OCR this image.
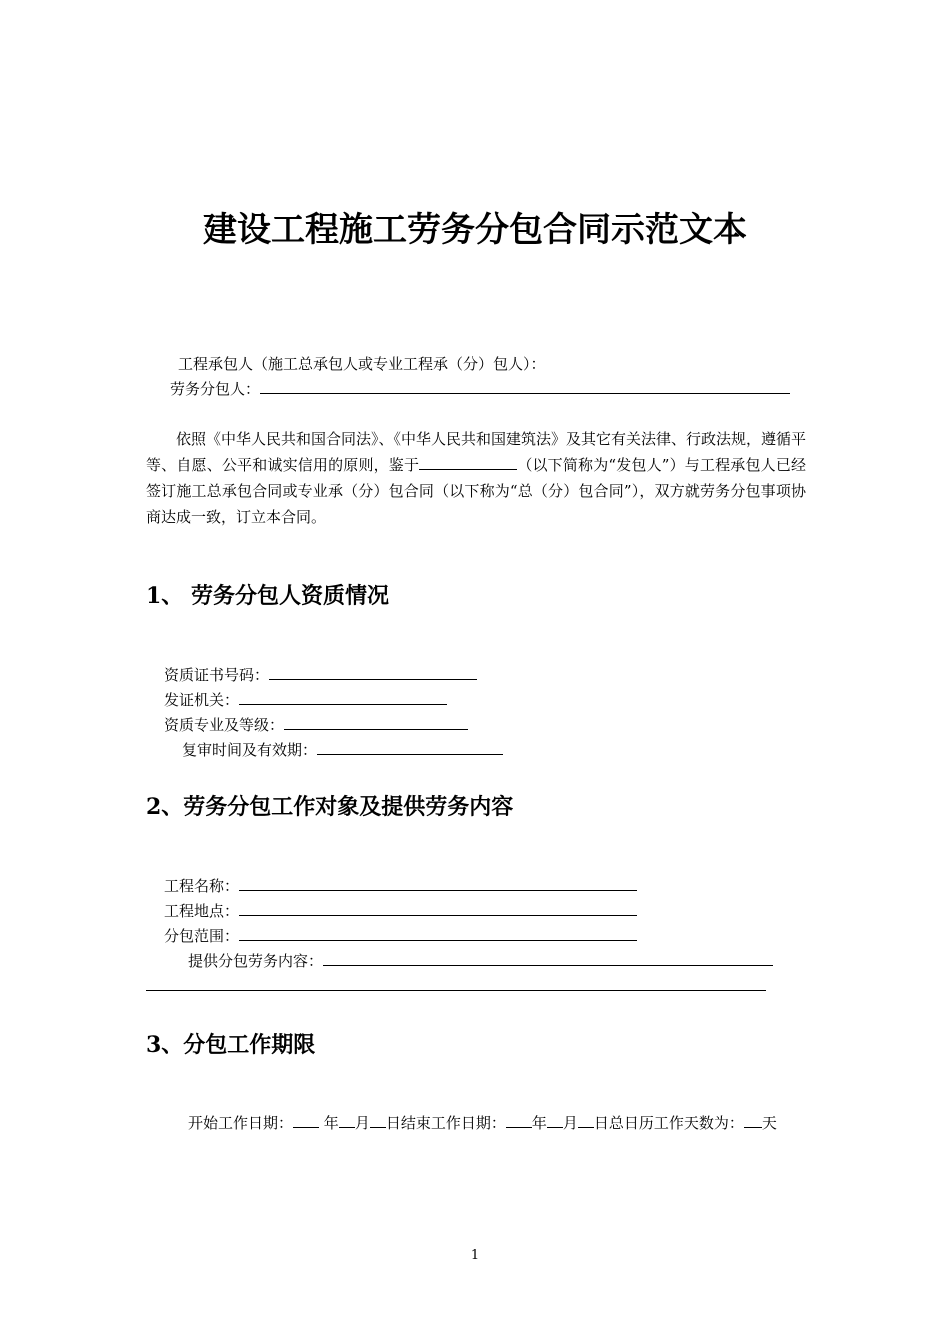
建设工程施工劳务分包合同示范文本
工程承包人（施工总承包人或专业工程承（分）包人）：
劳务分包人：
依照《中华人民共和国合同法》、《中华人民共和国建筑法》及其它有关法律、行政法规，遵循平等、自愿、公平和诚实信用的原则，鉴于	（以下简称为“发包人”）与工程承包人已经签订施工总承包合同或专业承（分）包合同（以下称为“总（分）包合同”），双方就劳务分包事项协商达成一致，订立本合同。
1、 劳务分包人资质情况
资质证书号码：
发证机关：
资质专业及等级：
复审时间及有效期：
2、劳务分包工作对象及提供劳务内容
工程名称：
工程地点：
分包范围：
提供分包劳务内容：
3、分包工作期限
开始工作日期： 年 月 日结束工作日期： 年 月 日总日历工作天数为： 天
1
